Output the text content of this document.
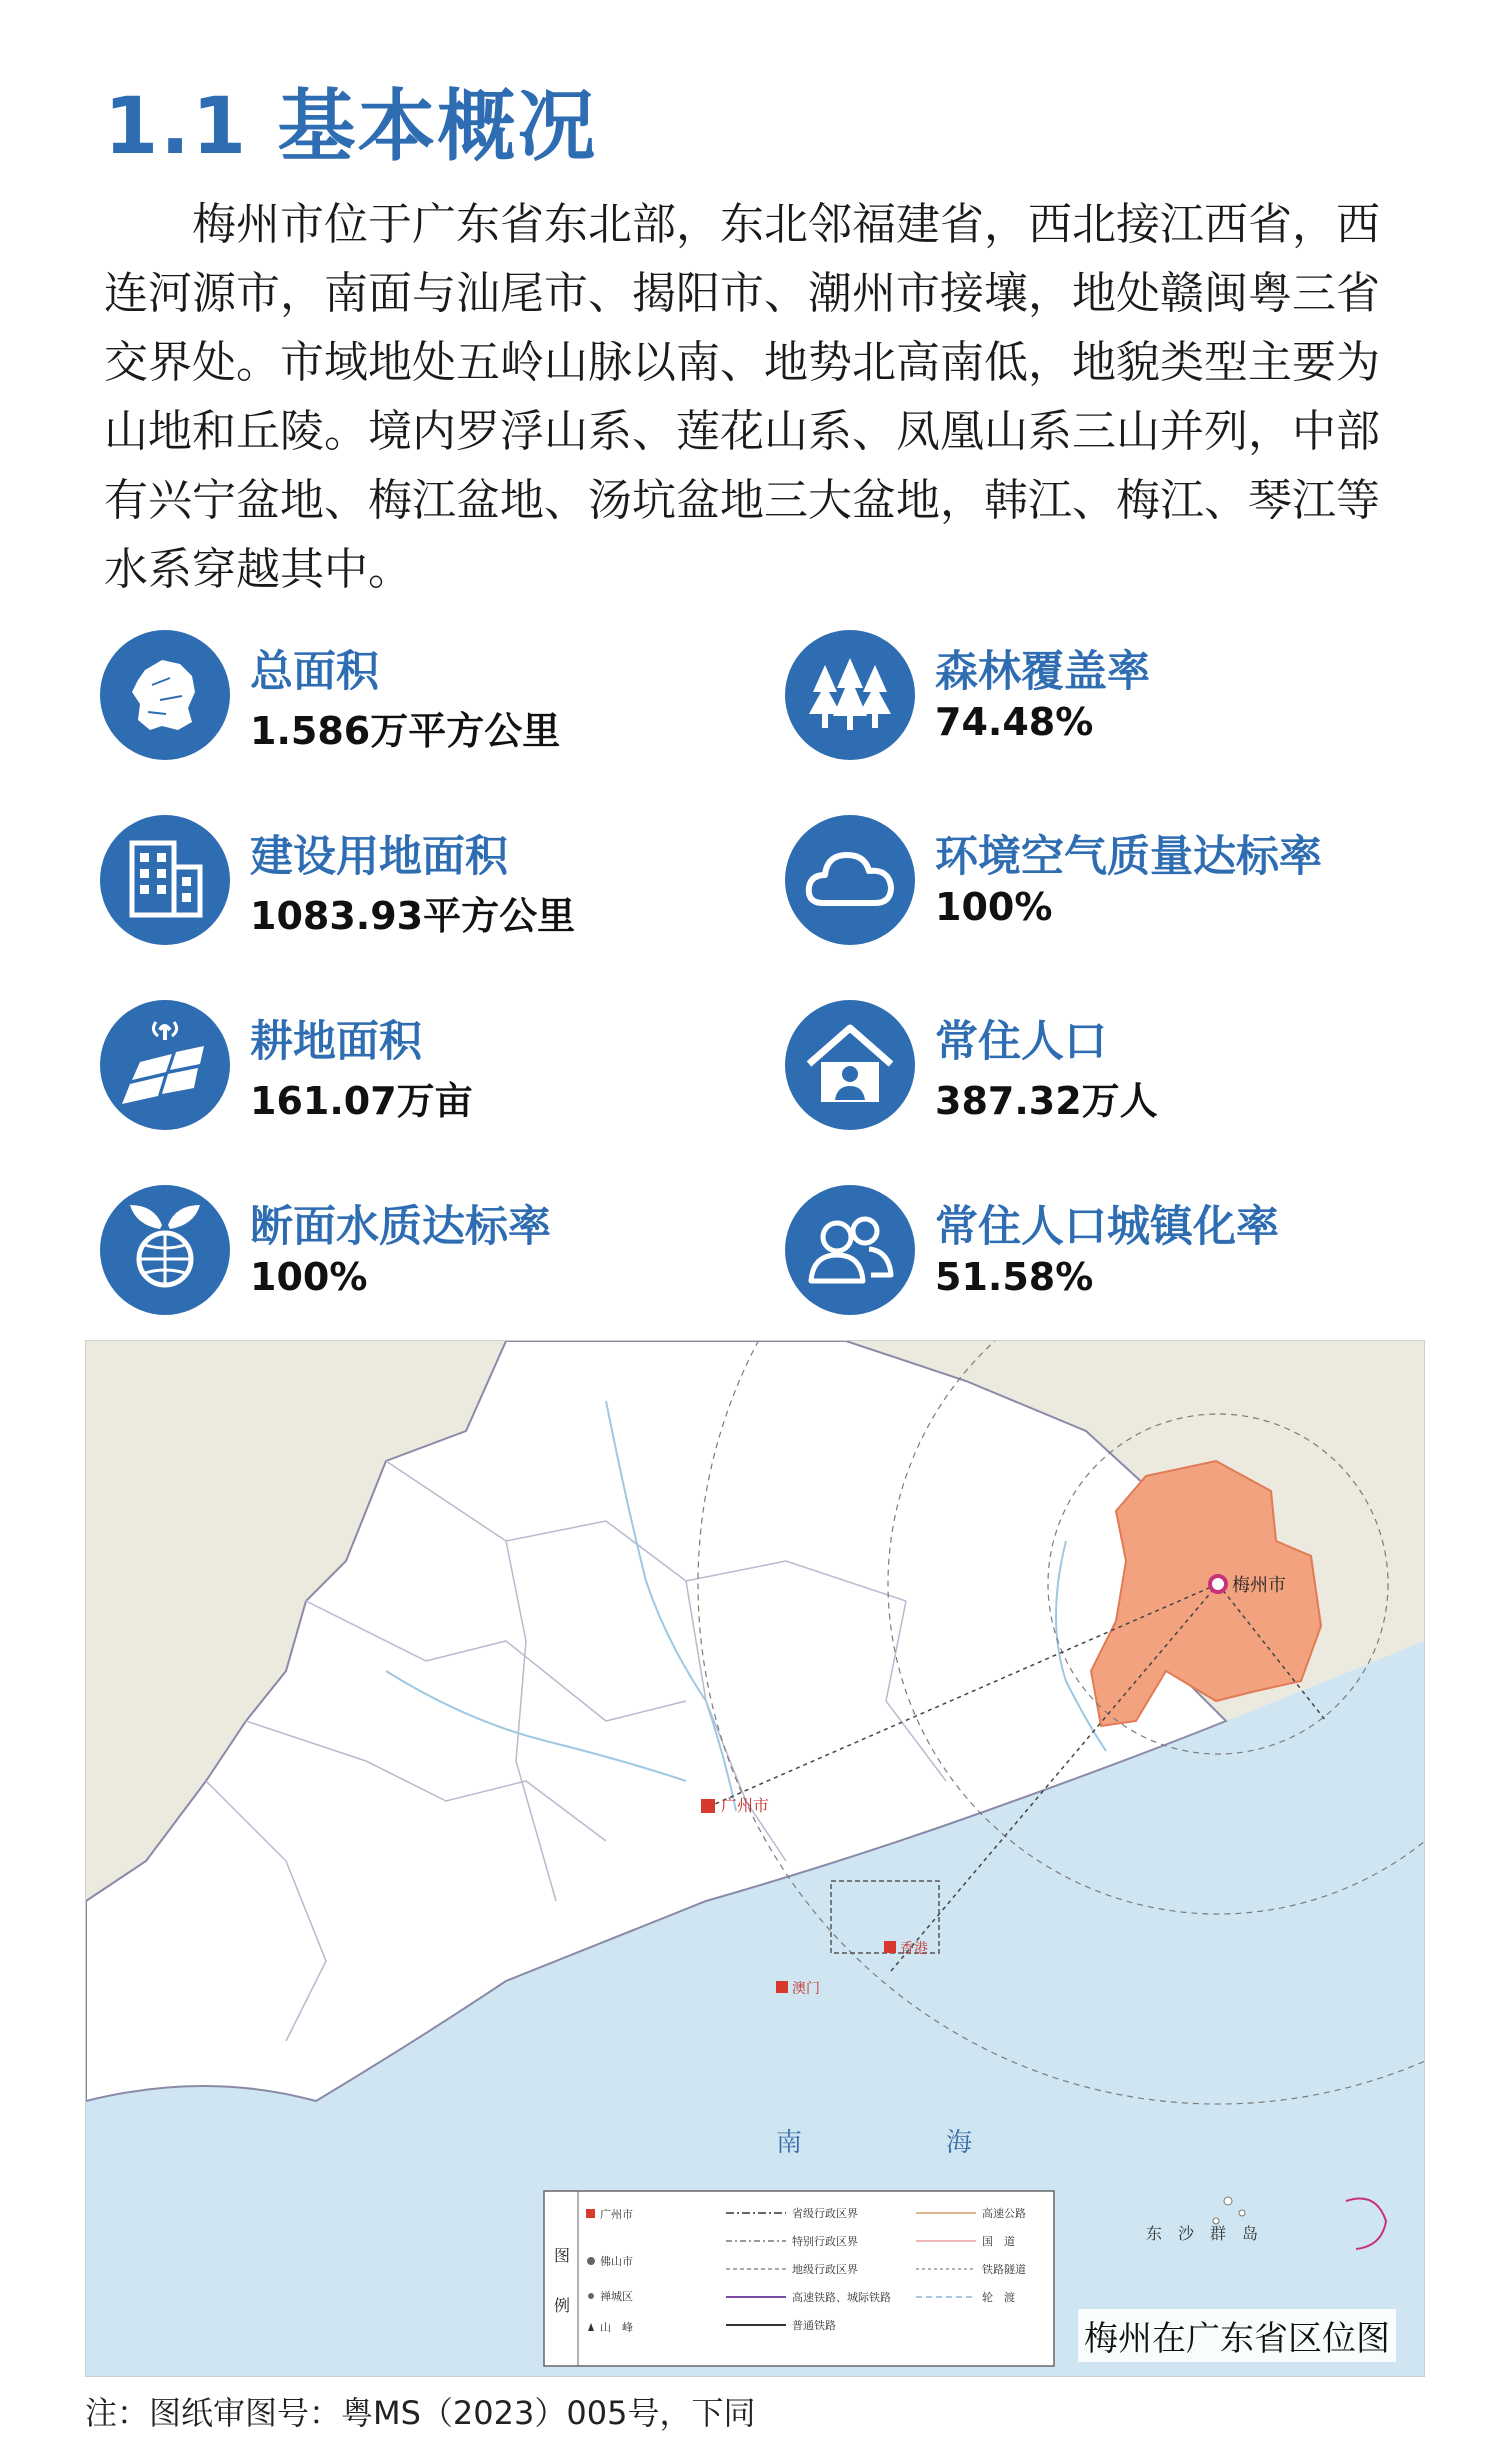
1.1 基本概况
梅州市位于广东省东北部，东北邻福建省，西北接江西省，西
连河源市，南面与汕尾市、揭阳市、潮州市接壤，地处赣闽粤三省
交界处。市域地处五岭山脉以南、地势北高南低，地貌类型主要为
山地和丘陵。境内罗浮山系、莲花山系、凤凰山系三山并列，中部
有兴宁盆地、梅江盆地、汤坑盆地三大盆地，韩江、梅江、琴江等
水系穿越其中。
总面积
1.586万平方公里
森林覆盖率
74.48%
建设用地面积
1083.93平方公里
环境空气质量达标率
100%
耕地面积
161.07万亩
常住人口
387.32万人
断面水质达标率
100%
常住人口城镇化率
51.58%
梅州市
广州市
香港
澳门
南	海
东　沙　群　岛
图
例
广州市
佛山市
禅城区
山　峰
省级行政区界
特别行政区界
地级行政区界
高速铁路、城际铁路
普通铁路
高速公路
国　道
铁路隧道
轮　渡
梅州在广东省区位图
注：图纸审图号：粤MS（2023）005号，下同
